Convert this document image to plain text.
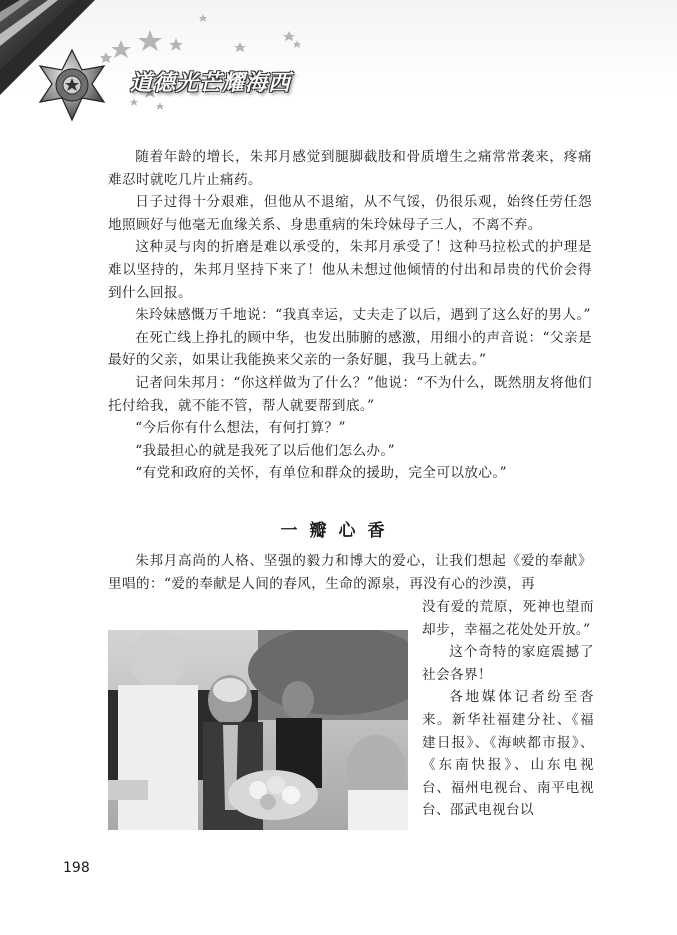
道德光芒耀海西

随着年龄的增长，朱邦月感觉到腿脚截肢和骨质增生之痛常常袭来，疼痛难忍时就吃几片止痛药。

日子过得十分艰难，但他从不退缩，从不气馁，仍很乐观，始终任劳任怨地照顾好与他毫无血缘关系、身患重病的朱玲妹母子三人，不离不弃。

这种灵与肉的折磨是难以承受的，朱邦月承受了！这种马拉松式的护理是难以坚持的，朱邦月坚持下来了！他从未想过他倾情的付出和昂贵的代价会得到什么回报。

朱玲妹感慨万千地说：“我真幸运，丈夫走了以后，遇到了这么好的男人。”

在死亡线上挣扎的顾中华，也发出肺腑的感激，用细小的声音说：“父亲是最好的父亲，如果让我能换来父亲的一条好腿，我马上就去。”

记者问朱邦月：“你这样做为了什么？”他说：“不为什么，既然朋友将他们托付给我，就不能不管，帮人就要帮到底。”

“今后你有什么想法，有何打算？”

“我最担心的就是我死了以后他们怎么办。”

“有党和政府的关怀，有单位和群众的援助，完全可以放心。”

一瓣心香

朱邦月高尚的人格、坚强的毅力和博大的爱心，让我们想起《爱的奉献》里唱的：“爱的奉献是人间的春风，生命的源泉，再没有心的沙漠，再

没有爱的荒原，死神也望而却步，幸福之花处处开放。”

这个奇特的家庭震撼了社会各界！

各地媒体记者纷至沓来。新华社福建分社、《福建日报》、《海峡都市报》、《东南快报》、山东电视台、福州电视台、南平电视台、邵武电视台以

198
